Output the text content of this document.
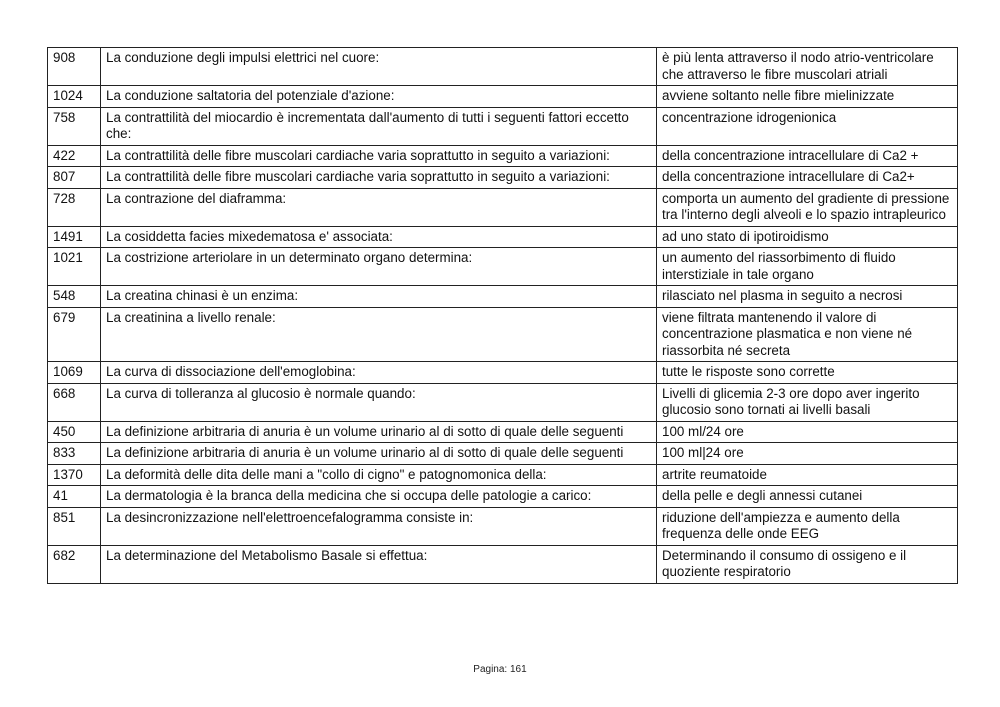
908	La conduzione degli impulsi elettrici nel cuore:	è più lenta attraverso il nodo atrio-ventricolare che attraverso le fibre muscolari atriali
1024	La conduzione saltatoria del potenziale d'azione:	avviene soltanto nelle fibre mielinizzate
758	La contrattilità del miocardio è incrementata dall'aumento di tutti i seguenti fattori eccetto che:	concentrazione idrogenionica
422	La contrattilità delle fibre muscolari cardiache varia soprattutto in seguito a variazioni:	della concentrazione intracellulare di Ca2 +
807	La contrattilità delle fibre muscolari cardiache varia soprattutto in seguito a variazioni:	della concentrazione intracellulare di Ca2+
728	La contrazione del diaframma:	comporta un aumento del gradiente di pressione tra l'interno degli alveoli e lo spazio intrapleurico
1491	La cosiddetta facies mixedematosa e' associata:	ad uno stato di ipotiroidismo
1021	La costrizione arteriolare in un determinato organo determina:	un aumento del riassorbimento di fluido interstiziale in tale organo
548	La creatina chinasi è un enzima:	rilasciato nel plasma in seguito a necrosi
679	La creatinina a livello renale:	viene filtrata mantenendo il valore di concentrazione plasmatica e non viene né riassorbita né secreta
1069	La curva di dissociazione dell'emoglobina:	tutte le risposte sono corrette
668	La curva di tolleranza al glucosio è normale quando:	Livelli di glicemia 2-3 ore dopo aver ingerito glucosio sono tornati ai livelli basali
450	La definizione arbitraria di anuria è un volume urinario al di sotto di quale delle seguenti	100 ml/24 ore
833	La definizione arbitraria di anuria è un volume urinario al di sotto di quale delle seguenti	100 ml|24 ore
1370	La deformità delle dita delle mani a "collo di cigno" e patognomonica della:	artrite reumatoide
41	La dermatologia è la branca della medicina che si occupa delle patologie a carico:	della pelle e degli annessi cutanei
851	La desincronizzazione nell'elettroencefalogramma consiste in:	riduzione dell'ampiezza e aumento della frequenza delle onde EEG
682	La determinazione del Metabolismo Basale si effettua:	Determinando il consumo di ossigeno e il quoziente respiratorio
Pagina: 161
